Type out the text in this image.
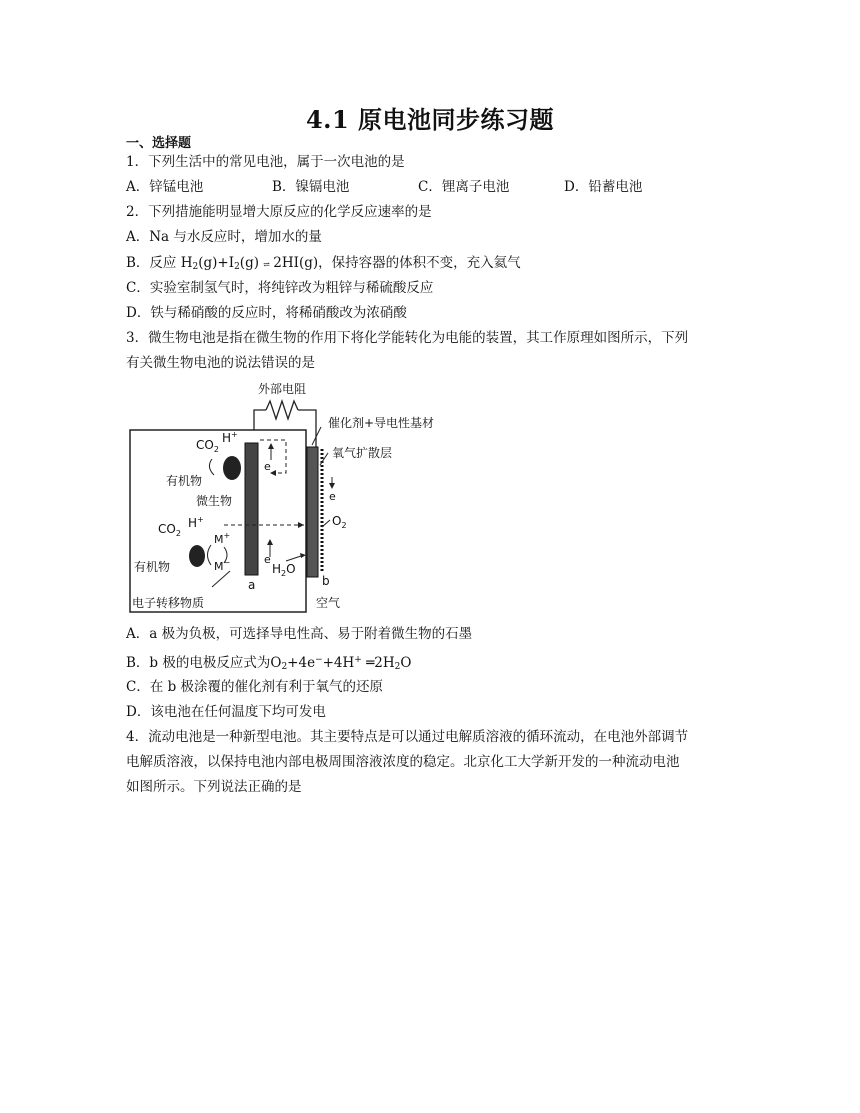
4.1 原电池同步练习题
一、选择题
1．下列生活中的常见电池，属于一次电池的是
A．锌锰电池	B．镍镉电池	C．锂离子电池	D．铅蓄电池
2．下列措施能明显增大原反应的化学反应速率的是
A．Na 与水反应时，增加水的量
B．反应 $H_2(g)+I_2(g)$ ⇌ 2HI(g)，保持容器的体积不变，充入氦气
C．实验室制氢气时，将纯锌改为粗锌与稀硫酸反应
D．铁与稀硝酸的反应时，将稀硝酸改为浓硝酸
3．微生物电池是指在微生物的作用下将化学能转化为电能的装置，其工作原理如图所示，下列
有关微生物电池的说法错误的是
外部电阻
催化剂+导电性基材
氧气扩散层
e
$CO_2$
H+
有机物
微生物
$CO_2$
H+
M+
M−
有机物
电子转移物质
e
e
$O_2$
$H_2O$
a	b
空气
A．a 极为负极，可选择导电性高、易于附着微生物的石墨
B．b 极的电极反应式为$O_2+4e^-+4H^+$ $═2H_2O$
C．在 b 极涂覆的催化剂有利于氧气的还原
D．该电池在任何温度下均可发电
4．流动电池是一种新型电池。其主要特点是可以通过电解质溶液的循环流动，在电池外部调节
电解质溶液，以保持电池内部电极周围溶液浓度的稳定。北京化工大学新开发的一种流动电池
如图所示。下列说法正确的是
